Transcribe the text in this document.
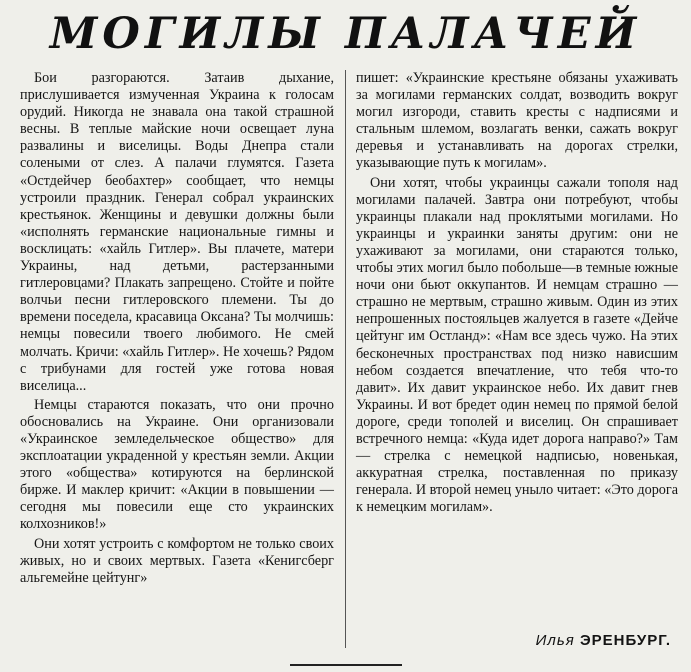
МОГИЛЫ ПАЛАЧЕЙ

Бои разгораются. Затаив дыхание, прислушивается измученная Украина к голосам орудий. Никогда не знавала она такой страшной весны. В теплые майские ночи освещает луна развалины и виселицы. Воды Днепра стали солеными от слез. А палачи глумятся. Газета «Остдейчер беобахтер» сообщает, что немцы устроили праздник. Генерал собрал украинских крестьянок. Женщины и девушки должны были «исполнять германские национальные гимны и восклицать: «хайль Гитлер». Вы плачете, матери Украины, над детьми, растерзанными гитлеровцами? Плакать запрещено. Стойте и пойте волчьи песни гитлеровского племени. Ты до времени поседела, красавица Оксана? Ты молчишь: немцы повесили твоего любимого. Не смей молчать. Кричи: «хайль Гитлер». Не хочешь? Рядом с трибунами для гостей уже готова новая виселица...

Немцы стараются показать, что они прочно обосновались на Украине. Они организовали «Украинское земледельческое общество» для эксплоатации украденной у крестьян земли. Акции этого «общества» котируются на берлинской бирже. И маклер кричит: «Акции в повышении — сегодня мы повесили еще сто украинских колхозников!»

Они хотят устроить с комфортом не только своих живых, но и своих мертвых. Газета «Кенигсберг альгемейне цейтунг»

пишет: «Украинские крестьяне обязаны ухаживать за могилами германских солдат, возводить вокруг могил изгороди, ставить кресты с надписями и стальным шлемом, возлагать венки, сажать вокруг деревья и устанавливать на дорогах стрелки, указывающие путь к могилам».

Они хотят, чтобы украинцы сажали тополя над могилами палачей. Завтра они потребуют, чтобы украинцы плакали над проклятыми могилами. Но украинцы и украинки заняты другим: они не ухаживают за могилами, они стараются только, чтобы этих могил было побольше—в темные южные ночи они бьют оккупантов. И немцам страшно — страшно не мертвым, страшно живым. Один из этих непрошенных постояльцев жалуется в газете «Дейче цейтунг им Остланд»: «Нам все здесь чужо. На этих бесконечных пространствах под низко нависшим небом создается впечатление, что тебя что-то давит». Их давит украинское небо. Их давит гнев Украины. И вот бредет один немец по прямой белой дороге, среди тополей и виселиц. Он спрашивает встречного немца: «Куда идет дорога направо?» Там — стрелка с немецкой надписью, новенькая, аккуратная стрелка, поставленная по приказу генерала. И второй немец уныло читает: «Это дорога к немецким могилам».

Илья ЭРЕНБУРГ.
